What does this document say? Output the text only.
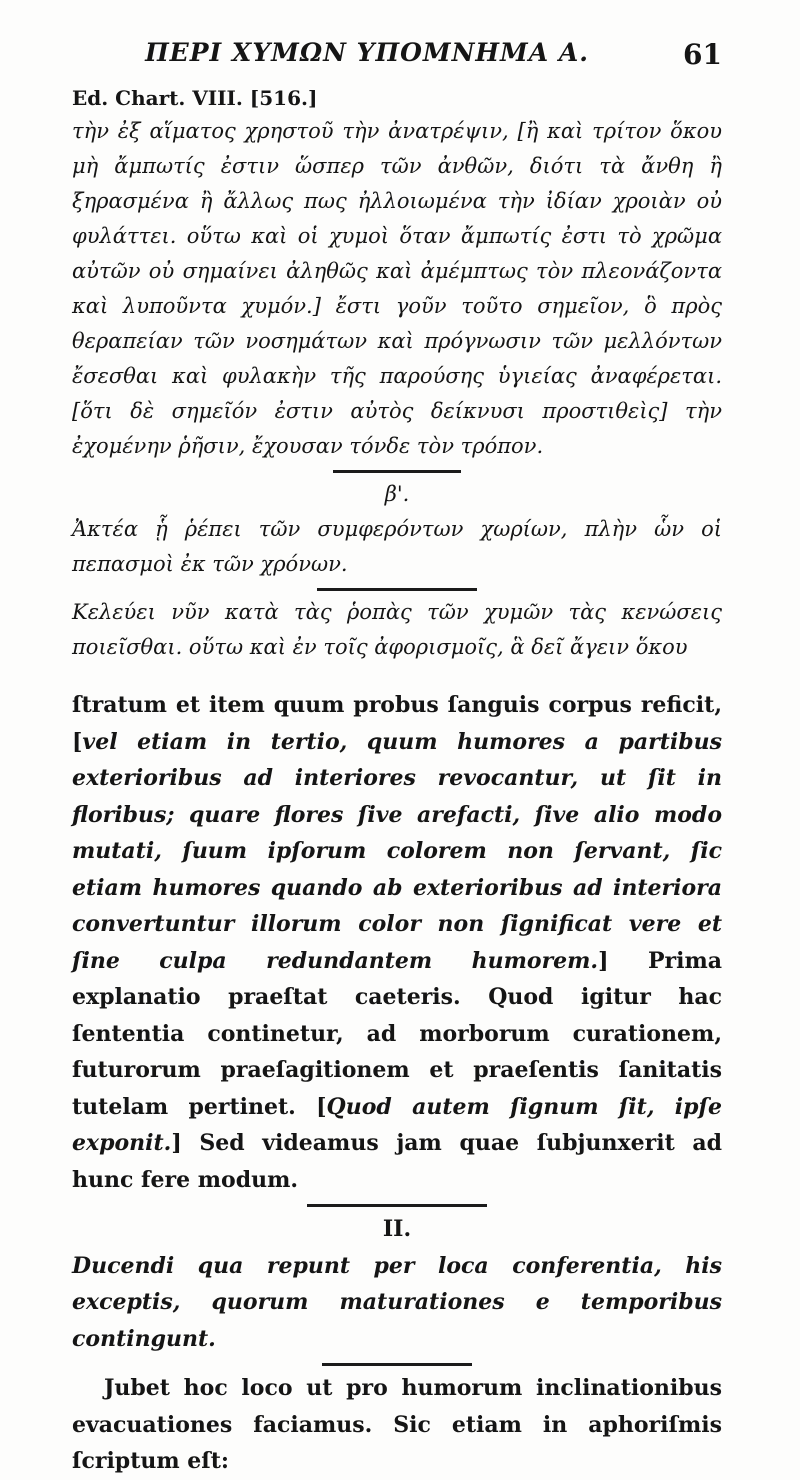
ΠΕΡΙ ΧΥΜΩΝ ΥΠΟΜΝΗΜΑ Α.	61
Ed. Chart. VIII. [516.]

τὴν ἐξ αἵματος χρηστοῦ τὴν ἀνατρέψιν, [ἢ καὶ τρίτον ὅκου μὴ ἄμπωτίς ἐστιν ὥσπερ τῶν ἀνθῶν, διότι τὰ ἄνθη ἢ ξηρασμένα ἢ ἄλλως πως ἠλλοιωμένα τὴν ἰδίαν χροιὰν οὐ φυλάττει. οὕτω καὶ οἱ χυμοὶ ὅταν ἄμπωτίς ἐστι τὸ χρῶμα αὐτῶν οὐ σημαίνει ἀληθῶς καὶ ἀμέμπτως τὸν πλεονάζοντα καὶ λυποῦντα χυμόν.] ἔστι γοῦν τοῦτο σημεῖον, ὃ πρὸς θεραπείαν τῶν νοσημάτων καὶ πρόγνωσιν τῶν μελλόντων ἔσεσθαι καὶ φυλακὴν τῆς παρούσης ὑγιείας ἀναφέρεται. [ὅτι δὲ σημεῖόν ἐστιν αὐτὸς δείκνυσι προστιθεὶς] τὴν ἐχομένην ῥῆσιν, ἔχουσαν τόνδε τὸν τρόπον.

β'.

Ἀκτέα ᾗ ῥέπει τῶν συμφερόντων χωρίων, πλὴν ὧν οἱ πεπασμοὶ ἐκ τῶν χρόνων.

Κελεύει νῦν κατὰ τὰς ῥοπὰς τῶν χυμῶν τὰς κενώσεις ποιεῖσθαι. οὕτω καὶ ἐν τοῖς ἀφορισμοῖς, ἃ δεῖ ἄγειν ὅκου

ſtratum et item quum probus ſanguis corpus reficit, [vel etiam in tertio, quum humores a partibus exterioribus ad interiores revocantur, ut ſit in floribus; quare flores ſive arefacti, ſive alio modo mutati, ſuum ipſorum colorem non ſervant, ſic etiam humores quando ab exterioribus ad interiora convertuntur illorum color non ſignificat vere et ſine culpa redundantem humorem.] Prima explanatio praeſtat caeteris. Quod igitur hac ſententia continetur, ad morborum curationem, futurorum praeſagitionem et praeſentis ſanitatis tutelam pertinet. [Quod autem ſignum ſit, ipſe exponit.] Sed videamus jam quae ſubjunxerit ad hunc fere modum.

II.

Ducendi qua repunt per loca conferentia, his exceptis, quorum maturationes e temporibus contingunt.

Jubet hoc loco ut pro humorum inclinationibus evacuationes faciamus. Sic etiam in aphoriſmis ſcriptum eſt:
